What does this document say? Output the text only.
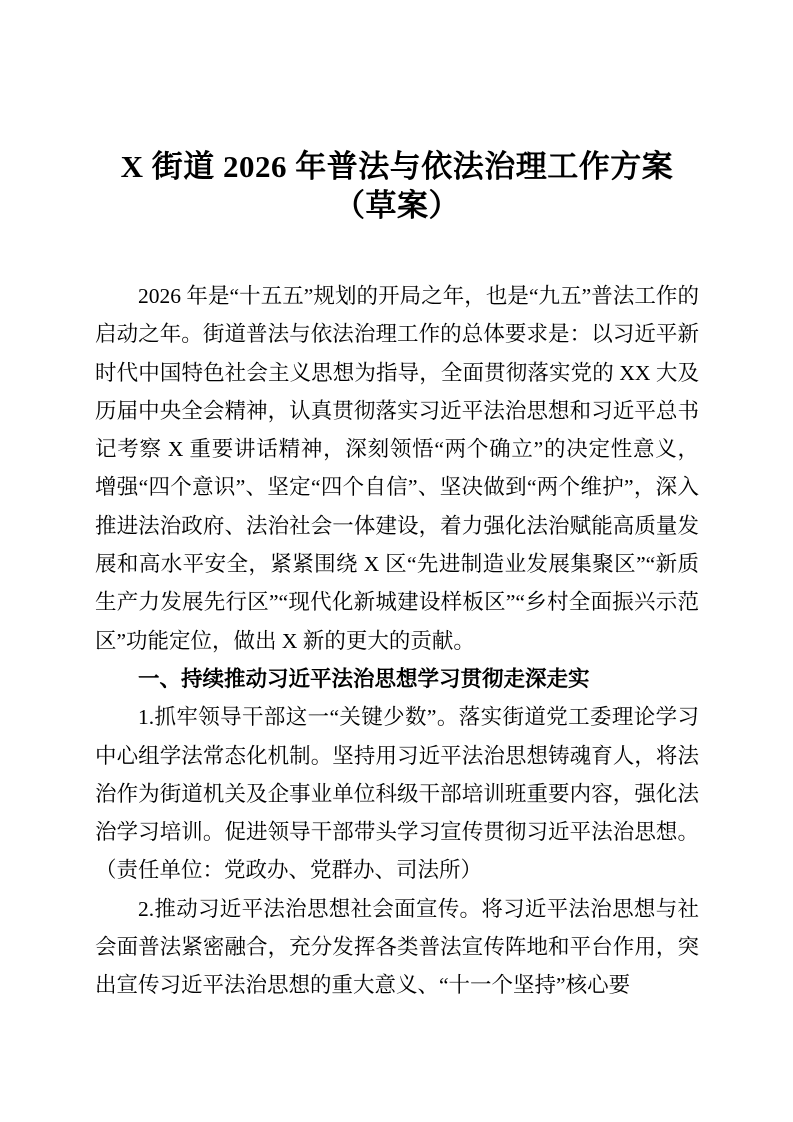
X 街道 2026 年普法与依法治理工作方案（草案）

2026 年是“十五五”规划的开局之年，也是“九五”普法工作的启动之年。街道普法与依法治理工作的总体要求是：以习近平新时代中国特色社会主义思想为指导，全面贯彻落实党的 XX 大及历届中央全会精神，认真贯彻落实习近平法治思想和习近平总书记考察 X 重要讲话精神，深刻领悟“两个确立”的决定性意义，增强“四个意识”、坚定“四个自信”、坚决做到“两个维护”，深入推进法治政府、法治社会一体建设，着力强化法治赋能高质量发展和高水平安全，紧紧围绕 X 区“先进制造业发展集聚区”“新质生产力发展先行区”“现代化新城建设样板区”“乡村全面振兴示范区”功能定位，做出 X 新的更大的贡献。

一、持续推动习近平法治思想学习贯彻走深走实

1.抓牢领导干部这一“关键少数”。落实街道党工委理论学习中心组学法常态化机制。坚持用习近平法治思想铸魂育人，将法治作为街道机关及企事业单位科级干部培训班重要内容，强化法治学习培训。促进领导干部带头学习宣传贯彻习近平法治思想。（责任单位：党政办、党群办、司法所）

2.推动习近平法治思想社会面宣传。将习近平法治思想与社会面普法紧密融合，充分发挥各类普法宣传阵地和平台作用，突出宣传习近平法治思想的重大意义、“十一个坚持”核心要
